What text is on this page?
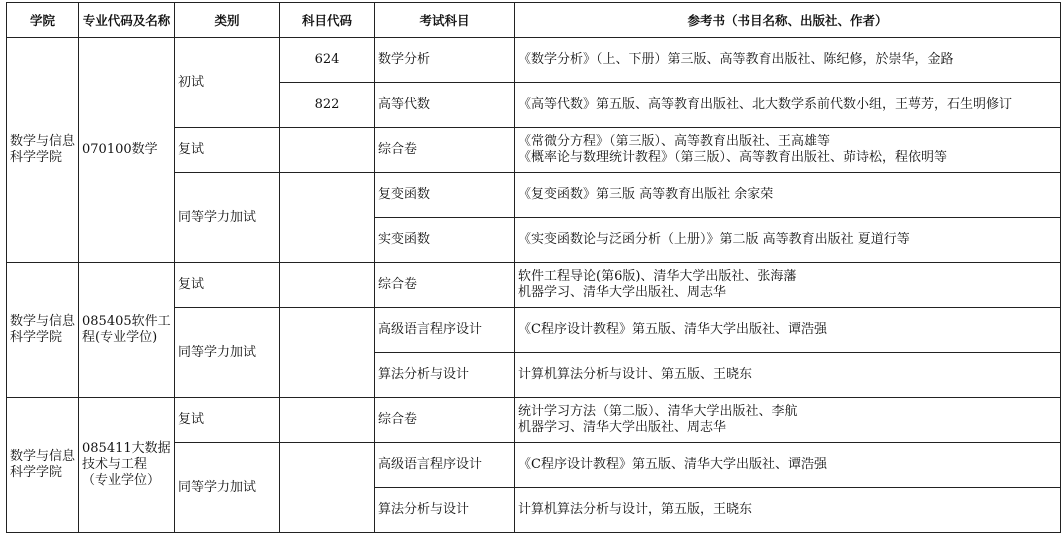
学院	专业代码及名称	类别	科目代码	考试科目	参考书（书目名称、出版社、作者）
数学与信息科学学院	070100数学	初试	624	数学分析	《数学分析》（上、下册）第三版、高等教育出版社、陈纪修，於崇华，金路

			822	高等代数	《高等代数》第五版、高等教育出版社、北大数学系前代数小组，王萼芳，石生明修订

		复试		综合卷	《常微分方程》（第三版）、高等教育出版社、王高雄等
《概率论与数理统计教程》（第三版）、高等教育出版社、茆诗松，程依明等

		同等学力加试		复变函数	《复变函数》第三版 高等教育出版社 余家荣

				实变函数	《实变函数论与泛函分析（上册）》第二版 高等教育出版社 夏道行等

数学与信息科学学院	085405软件工程(专业学位)	复试		综合卷	软件工程导论(第6版)、清华大学出版社、张海藩
机器学习、清华大学出版社、周志华

		同等学力加试		高级语言程序设计	《C程序设计教程》第五版、清华大学出版社、谭浩强

				算法分析与设计	计算机算法分析与设计、第五版、王晓东

数学与信息科学学院	085411大数据技术与工程（专业学位）	复试		综合卷	统计学习方法（第二版）、清华大学出版社、李航
机器学习、清华大学出版社、周志华

		同等学力加试		高级语言程序设计	《C程序设计教程》第五版、清华大学出版社、谭浩强

				算法分析与设计	计算机算法分析与设计，第五版，王晓东
